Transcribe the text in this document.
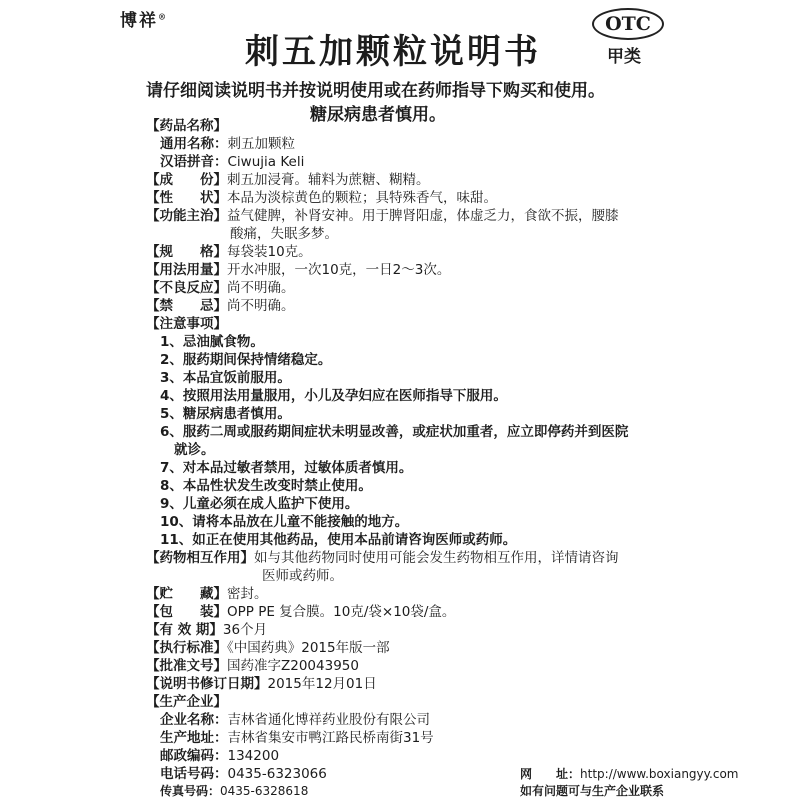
博祥®
刺五加颗粒说明书
OTC
甲类
请仔细阅读说明书并按说明使用或在药师指导下购买和使用。
糖尿病患者慎用。
【药品名称】
通用名称：刺五加颗粒
汉语拼音：Ciwujia Keli
【成　　份】刺五加浸膏。辅料为蔗糖、糊精。
【性　　状】本品为淡棕黄色的颗粒；具特殊香气，味甜。
【功能主治】益气健脾，补肾安神。用于脾肾阳虚，体虚乏力，食欲不振，腰膝
酸痛，失眠多梦。
【规　　格】每袋装10克。
【用法用量】开水冲服，一次10克，一日2～3次。
【不良反应】尚不明确。
【禁　　忌】尚不明确。
【注意事项】
1、忌油腻食物。
2、服药期间保持情绪稳定。
3、本品宜饭前服用。
4、按照用法用量服用，小儿及孕妇应在医师指导下服用。
5、糖尿病患者慎用。
6、服药二周或服药期间症状未明显改善，或症状加重者，应立即停药并到医院
就诊。
7、对本品过敏者禁用，过敏体质者慎用。
8、本品性状发生改变时禁止使用。
9、儿童必须在成人监护下使用。
10、请将本品放在儿童不能接触的地方。
11、如正在使用其他药品，使用本品前请咨询医师或药师。
【药物相互作用】如与其他药物同时使用可能会发生药物相互作用，详情请咨询
医师或药师。
【贮　　藏】密封。
【包　　装】OPP PE 复合膜。10克/袋×10袋/盒。
【有 效 期】36个月
【执行标准】《中国药典》2015年版一部
【批准文号】国药准字Z20043950
【说明书修订日期】2015年12月01日
【生产企业】
企业名称：吉林省通化博祥药业股份有限公司
生产地址：吉林省集安市鸭江路民桥南街31号
邮政编码：134200
电话号码：0435-6323066
传真号码：0435-6328618
网　　址：http://www.boxiangyy.com
如有问题可与生产企业联系
